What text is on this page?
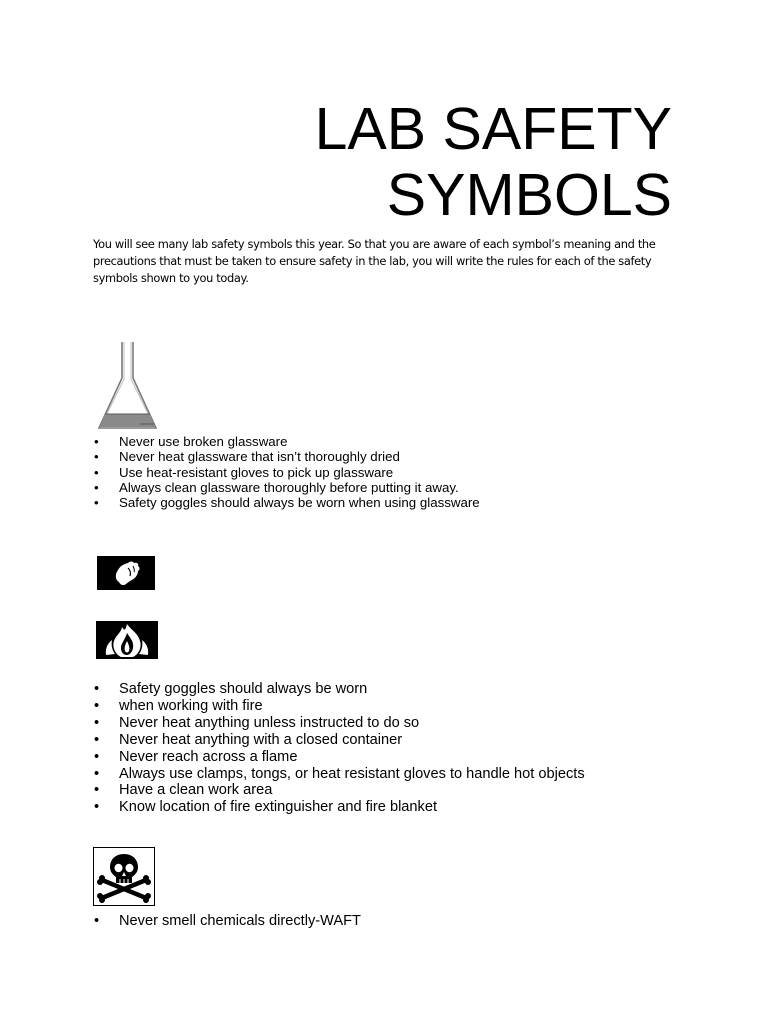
LAB SAFETY
SYMBOLS

You will see many lab safety symbols this year. So that you are aware of each symbol’s meaning and the precautions that must be taken to ensure safety in the lab, you will write the rules for each of the safety symbols shown to you today.

• Never use broken glassware
• Never heat glassware that isn’t thoroughly dried
• Use heat-resistant gloves to pick up glassware
• Always clean glassware thoroughly before putting it away.
• Safety goggles should always be worn when using glassware
• Safety goggles should always be worn
• when working with fire
• Never heat anything unless instructed to do so
• Never heat anything with a closed container
• Never reach across a flame
• Always use clamps, tongs, or heat resistant gloves to handle hot objects
• Have a clean work area
• Know location of fire extinguisher and fire blanket
• Never smell chemicals directly-WAFT
